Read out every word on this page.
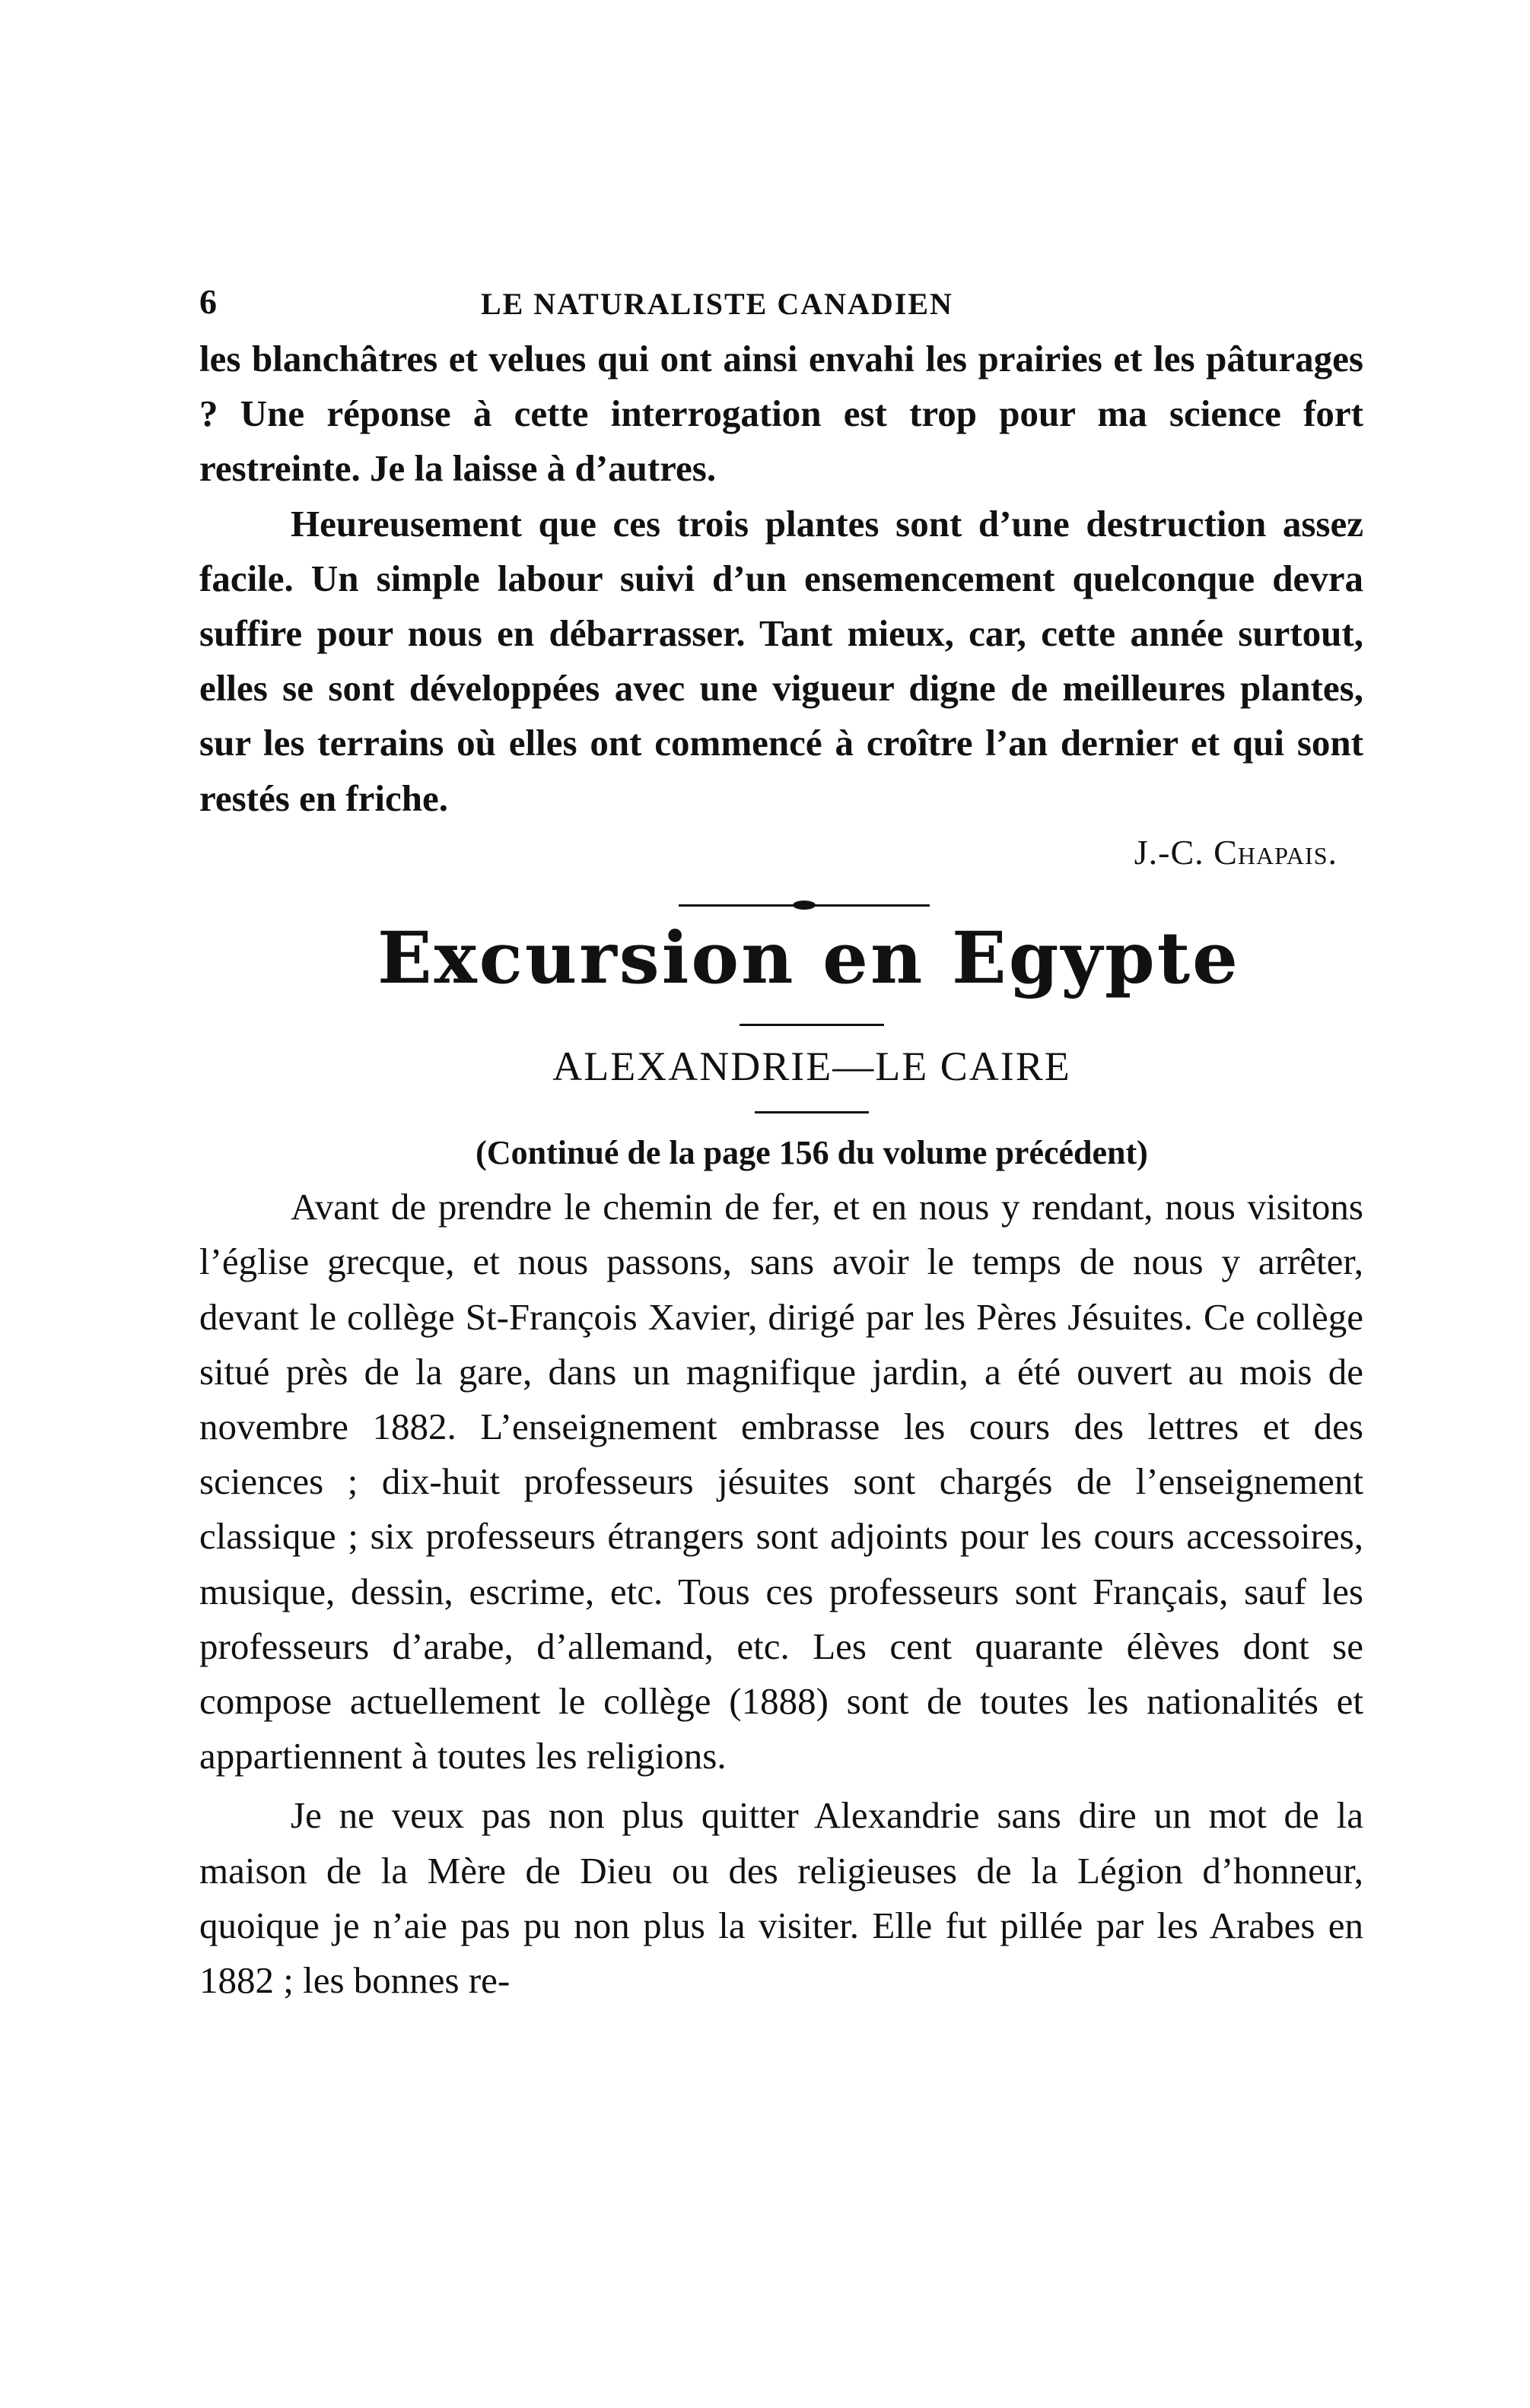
6	LE NATURALISTE CANADIEN

les blanchâtres et velues qui ont ainsi envahi les prairies et les pâturages ? Une réponse à cette interrogation est trop pour ma science fort restreinte. Je la laisse à d’autres.

Heureusement que ces trois plantes sont d’une destruction assez facile. Un simple labour suivi d’un ensemencement quelconque devra suffire pour nous en débarrasser. Tant mieux, car, cette année surtout, elles se sont développées avec une vigueur digne de meilleures plantes, sur les terrains où elles ont commencé à croître l’an dernier et qui sont restés en friche.

J.-C. Chapais.
Excursion en Egypte
ALEXANDRIE—LE CAIRE
(Continué de la page 156 du volume précédent)

Avant de prendre le chemin de fer, et en nous y rendant, nous visitons l’église grecque, et nous passons, sans avoir le temps de nous y arrêter, devant le collège St-François Xavier, dirigé par les Pères Jésuites. Ce collège situé près de la gare, dans un magnifique jardin, a été ouvert au mois de novembre 1882. L’enseignement embrasse les cours des lettres et des sciences ; dix-huit professeurs jésuites sont chargés de l’enseignement classique ; six professeurs étrangers sont adjoints pour les cours accessoires, musique, dessin, escrime, etc. Tous ces professeurs sont Français, sauf les professeurs d’arabe, d’allemand, etc. Les cent quarante élèves dont se compose actuellement le collège (1888) sont de toutes les nationalités et appartiennent à toutes les religions.

Je ne veux pas non plus quitter Alexandrie sans dire un mot de la maison de la Mère de Dieu ou des religieuses de la Légion d’honneur, quoique je n’aie pas pu non plus la visiter. Elle fut pillée par les Arabes en 1882 ; les bonnes re-
